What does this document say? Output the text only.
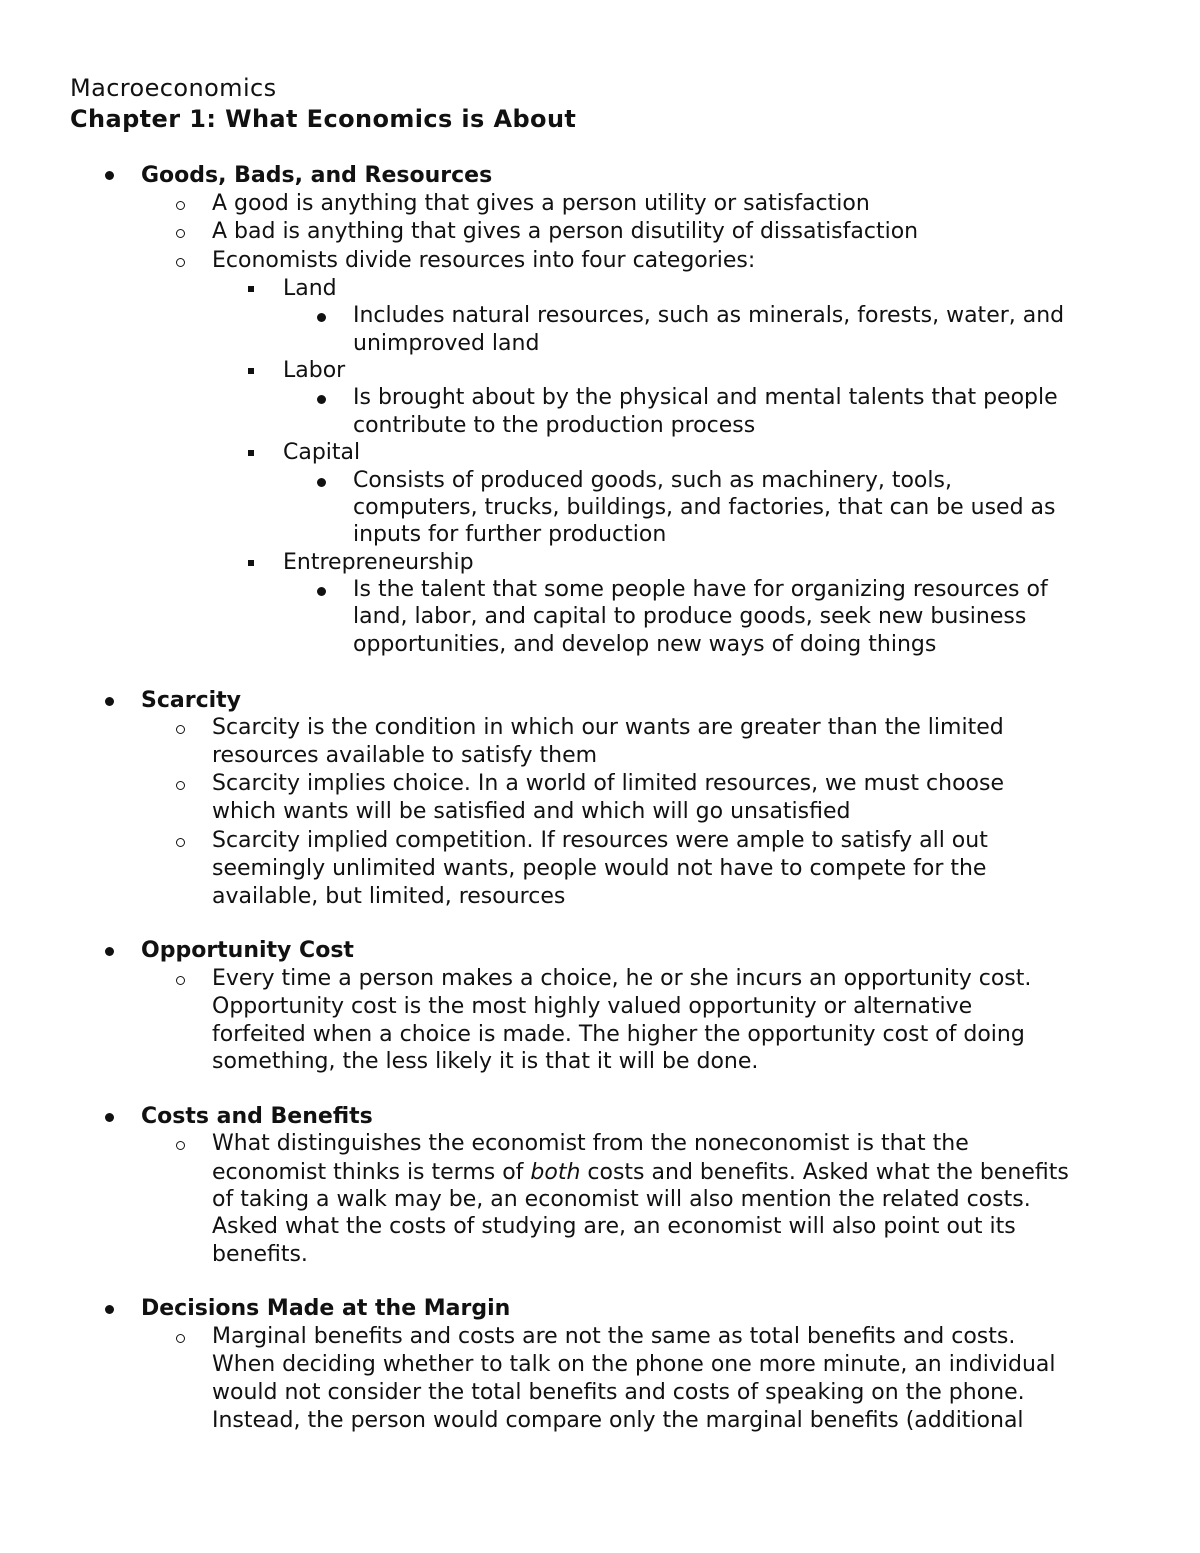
Macroeconomics
Chapter 1: What Economics is About
Goods, Bads, and Resources
A good is anything that gives a person utility or satisfaction
A bad is anything that gives a person disutility of dissatisfaction
Economists divide resources into four categories:
Land
Includes natural resources, such as minerals, forests, water, and
unimproved land
Labor
Is brought about by the physical and mental talents that people
contribute to the production process
Capital
Consists of produced goods, such as machinery, tools,
computers, trucks, buildings, and factories, that can be used as
inputs for further production
Entrepreneurship
Is the talent that some people have for organizing resources of
land, labor, and capital to produce goods, seek new business
opportunities, and develop new ways of doing things
Scarcity
Scarcity is the condition in which our wants are greater than the limited
resources available to satisfy them
Scarcity implies choice. In a world of limited resources, we must choose
which wants will be satisfied and which will go unsatisfied
Scarcity implied competition. If resources were ample to satisfy all out
seemingly unlimited wants, people would not have to compete for the
available, but limited, resources
Opportunity Cost
Every time a person makes a choice, he or she incurs an opportunity cost.
Opportunity cost is the most highly valued opportunity or alternative
forfeited when a choice is made. The higher the opportunity cost of doing
something, the less likely it is that it will be done.
Costs and Benefits
What distinguishes the economist from the noneconomist is that the
economist thinks is terms of both costs and benefits. Asked what the benefits
of taking a walk may be, an economist will also mention the related costs.
Asked what the costs of studying are, an economist will also point out its
benefits.
Decisions Made at the Margin
Marginal benefits and costs are not the same as total benefits and costs.
When deciding whether to talk on the phone one more minute, an individual
would not consider the total benefits and costs of speaking on the phone.
Instead, the person would compare only the marginal benefits (additional
